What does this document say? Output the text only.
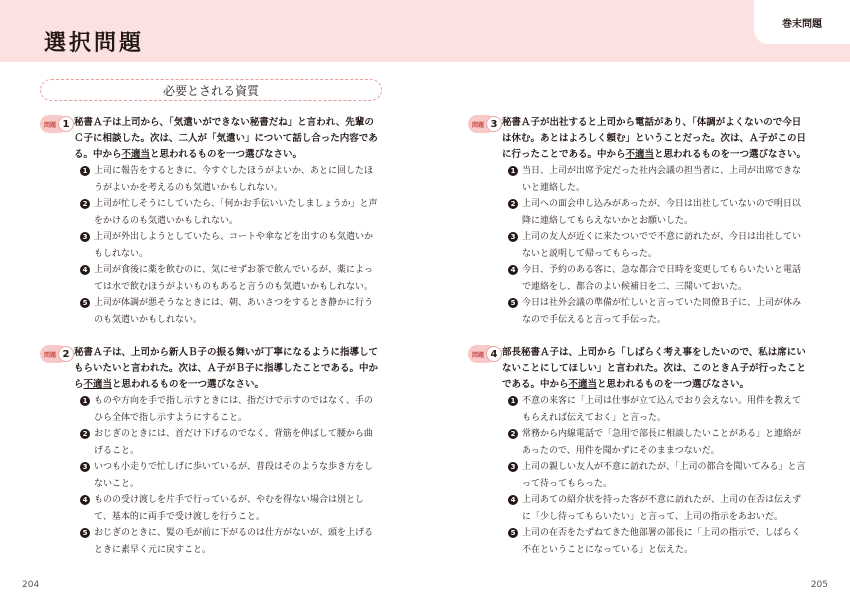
選択問題
巻末問題
必要とされる資質
問題 1 秘書Ａ子は上司から、「気遣いができない秘書だね」と言われ、先輩のＣ子に相談した。次は、二人が「気遣い」について話し合った内容である。中から不適当と思われるものを一つ選びなさい。
1 上司に報告をするときに、今すぐしたほうがよいか、あとに回したほうがよいかを考えるのも気遣いかもしれない。
2 上司が忙しそうにしていたら、「何かお手伝いいたしましょうか」と声をかけるのも気遣いかもしれない。
3 上司が外出しようとしていたら、コートや傘などを出すのも気遣いかもしれない。
4 上司が食後に薬を飲むのに、気にせずお茶で飲んでいるが、薬によっては水で飲むほうがよいものもあると言うのも気遣いかもしれない。
5 上司が体調が悪そうなときには、朝、あいさつをするとき静かに行うのも気遣いかもしれない。
問題 2 秘書Ａ子は、上司から新人Ｂ子の振る舞いが丁寧になるように指導してもらいたいと言われた。次は、Ａ子がＢ子に指導したことである。中から不適当と思われるものを一つ選びなさい。
1 ものや方向を手で指し示すときには、指だけで示すのではなく、手のひら全体で指し示すようにすること。
2 おじぎのときには、首だけ下げるのでなく、背筋を伸ばして腰から曲げること。
3 いつも小走りで忙しげに歩いているが、普段はそのような歩き方をしないこと。
4 ものの受け渡しを片手で行っているが、やむを得ない場合は別として、基本的に両手で受け渡しを行うこと。
5 おじぎのときに、髪の毛が前に下がるのは仕方がないが、頭を上げるときに素早く元に戻すこと。
問題 3 秘書Ａ子が出社すると上司から電話があり、「体調がよくないので今日は休む。あとはよろしく頼む」ということだった。次は、Ａ子がこの日に行ったことである。中から不適当と思われるものを一つ選びなさい。
1 当日、上司が出席予定だった社内会議の担当者に、上司が出席できないと連絡した。
2 上司への面会申し込みがあったが、今日は出社していないので明日以降に連絡してもらえないかとお願いした。
3 上司の友人が近くに来たついでで不意に訪れたが、今日は出社していないと説明して帰ってもらった。
4 今日、予約のある客に、急な都合で日時を変更してもらいたいと電話で連絡をし、都合のよい候補日を二、三聞いておいた。
5 今日は社外会議の準備が忙しいと言っていた同僚Ｂ子に、上司が休みなので手伝えると言って手伝った。
問題 4 部長秘書Ａ子は、上司から「しばらく考え事をしたいので、私は席にいないことにしてほしい」と言われた。次は、このときＡ子が行ったことである。中から不適当と思われるものを一つ選びなさい。
1 不意の来客に「上司は仕事が立て込んでおり会えない。用件を教えてもらえれば伝えておく」と言った。
2 常務から内線電話で「急用で部長に相談したいことがある」と連絡があったので、用件を聞かずにそのままつないだ。
3 上司の親しい友人が不意に訪れたが、「上司の都合を聞いてみる」と言って待ってもらった。
4 上司あての紹介状を持った客が不意に訪れたが、上司の在否は伝えずに「少し待ってもらいたい」と言って、上司の指示をあおいだ。
5 上司の在否をたずねてきた他部署の部長に「上司の指示で、しばらく不在ということになっている」と伝えた。
204	205
